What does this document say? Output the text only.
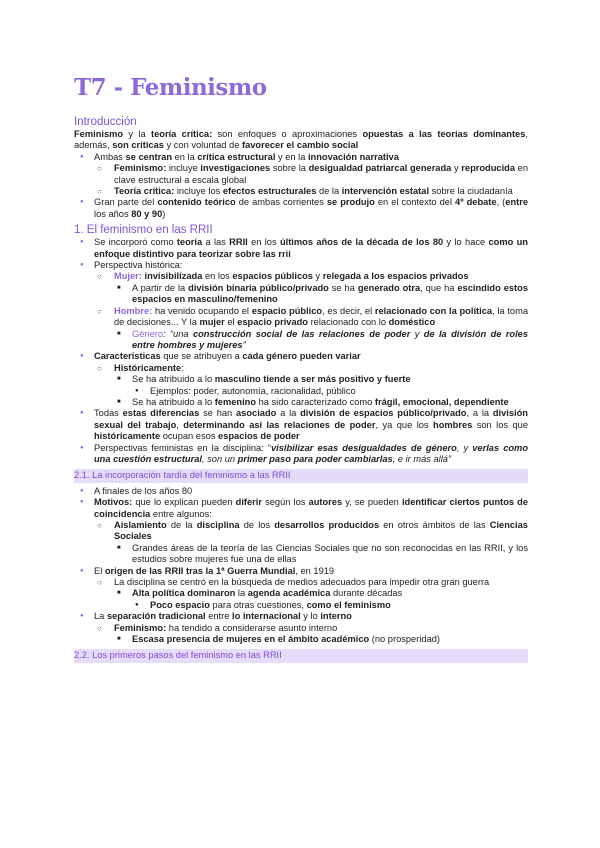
T7 - Feminismo
Introducción

Feminismo y la teoría crítica: son enfoques o aproximaciones opuestas a las teorías dominantes, además, son críticas y con voluntad de favorecer el cambio social

● Ambas se centran en la crítica estructural y en la innovación narrativa
○ Feminismo: incluye investigaciones sobre la desigualdad patriarcal generada y reproducida en clave estructural a escala global
○ Teoría crítica: incluye los efectos estructurales de la intervención estatal sobre la ciudadanía
● Gran parte del contenido teórico de ambas corrientes se produjo en el contexto del 4º debate, (entre los años 80 y 90)
1. El feminismo en las RRII
● Se incorporó como teoría a las RRII en los últimos años de la década de los 80 y lo hace como un enfoque distintivo para teorizar sobre las rrii
● Perspectiva histórica:
○ Mujer: invisibilizada en los espacios públicos y relegada a los espacios privados
■ A partir de la división binaria público/privado se ha generado otra, que ha escindido estos espacios en masculino/femenino
○ Hombre: ha venido ocupando el espacio público, es decir, el relacionado con la política, la toma de decisiones... Y la mujer el espacio privado relacionado con lo doméstico
■ Género: “una construcción social de las relaciones de poder y de la división de roles entre hombres y mujeres”
● Características que se atribuyen a cada género pueden variar
○ Históricamente:
■ Se ha atribuido a lo masculino tiende a ser más positivo y fuerte
● Ejemplos: poder, autonomía, racionalidad, público
■ Se ha atribuido a lo femenino ha sido caracterizado como frágil, emocional, dependiente
● Todas estas diferencias se han asociado a la división de espacios público/privado, a la división sexual del trabajo, determinando así las relaciones de poder, ya que los hombres son los que históricamente ocupan esos espacios de poder
● Perspectivas feministas en la disciplina: “visibilizar esas desigualdades de género, y verlas como una cuestión estructural, son un primer paso para poder cambiarlas, e ir más allá”
2.1. La incorporación tardía del feminismo a las RRII
● A finales de los años 80
● Motivos: que lo explican pueden diferir según los autores y, se pueden identificar ciertos puntos de coincidencia entre algunos:
○ Aislamiento de la disciplina de los desarrollos producidos en otros ámbitos de las Ciencias Sociales
■ Grandes áreas de la teoría de las Ciencias Sociales que no son reconocidas en las RRII, y los estudios sobre mujeres fue una de ellas
● El origen de las RRII tras la 1ª Guerra Mundial, en 1919
○ La disciplina se centró en la búsqueda de medios adecuados para impedir otra gran guerra
■ Alta política dominaron la agenda académica durante décadas
● Poco espacio para otras cuestiones, como el feminismo
● La separación tradicional entre lo internacional y lo interno
○ Feminismo: ha tendido a considerarse asunto interno
■ Escasa presencia de mujeres en el ámbito académico (no prosperidad)
2.2. Los primeros pasos del feminismo en las RRII
